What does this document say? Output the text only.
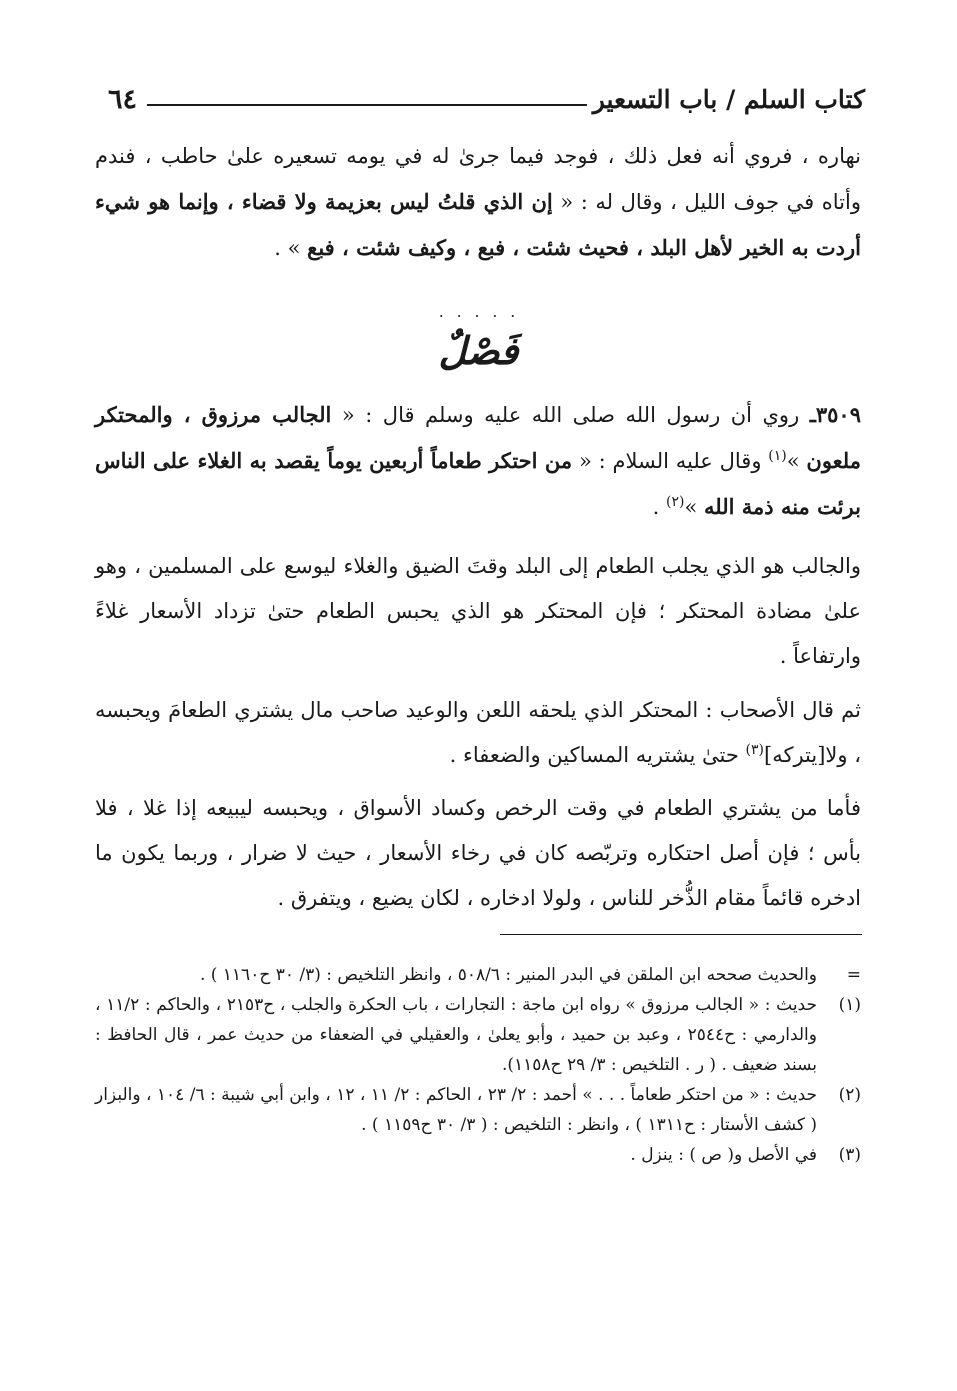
كتاب السلم / باب التسعير
٦٤
نهاره ، فروي أنه فعل ذلك ، فوجد فيما جرىٰ له في يومه تسعيره علىٰ حاطب ، فندم وأتاه في جوف الليل ، وقال له : « إن الذي قلتُ ليس بعزيمة ولا قضاء ، وإنما هو شيء أردت به الخير لأهل البلد ، فحيث شئت ، فبع ، وكيف شئت ، فبع » .
˙ ˙ ˙ ˙ ˙
فَصْلٌ
٣٥٠٩ـ روي أن رسول الله صلى الله عليه وسلم قال : « الجالب مرزوق ، والمحتكر ملعون »$^{(١)}$ وقال عليه السلام : « من احتكر طعاماً أربعين يوماً يقصد به الغلاء على الناس برئت منه ذمة الله »$^{(٢)}$ .
والجالب هو الذي يجلب الطعام إلى البلد وقتَ الضيق والغلاء ليوسع على المسلمين ، وهو علىٰ مضادة المحتكر ؛ فإن المحتكر هو الذي يحبس الطعام حتىٰ تزداد الأسعار غلاءً وارتفاعاً .
ثم قال الأصحاب : المحتكر الذي يلحقه اللعن والوعيد صاحب مال يشتري الطعامَ ويحبسه ، ولا[يتركه]$^{(٣)}$ حتىٰ يشتريه المساكين والضعفاء .
فأما من يشتري الطعام في وقت الرخص وكساد الأسواق ، ويحبسه ليبيعه إذا غلا ، فلا بأس ؛ فإن أصل احتكاره وتربّصه كان في رخاء الأسعار ، حيث لا ضرار ، وربما يكون ما ادخره قائماً مقام الذُّخر للناس ، ولولا ادخاره ، لكان يضيع ، ويتفرق .
=
والحديث صححه ابن الملقن في البدر المنير : ٥٠٨/٦ ، وانظر التلخيص : (٣/ ٣٠ ح١١٦٠ ) .
(١)
حديث : « الجالب مرزوق » رواه ابن ماجة : التجارات ، باب الحكرة والجلب ، ح٢١٥٣ ، والحاكم : ١١/٢ ، والدارمي : ح٢٥٤٤ ، وعبد بن حميد ، وأبو يعلىٰ ، والعقيلي في الضعفاء من حديث عمر ، قال الحافظ : بسند ضعيف . ( ر . التلخيص : ٣/ ٢٩ ح١١٥٨).
(٢)
حديث : « من احتكر طعاماً . . . » أحمد : ٢/ ٢٣ ، الحاكم : ٢/ ١١ ، ١٢ ، وابن أبي شيبة : ٦/ ١٠٤ ، والبزار ( كشف الأستار : ح١٣١١ ) ، وانظر : التلخيص : ( ٣/ ٣٠ ح١١٥٩ ) .
(٣)
في الأصل و( ص ) : ينزل .
